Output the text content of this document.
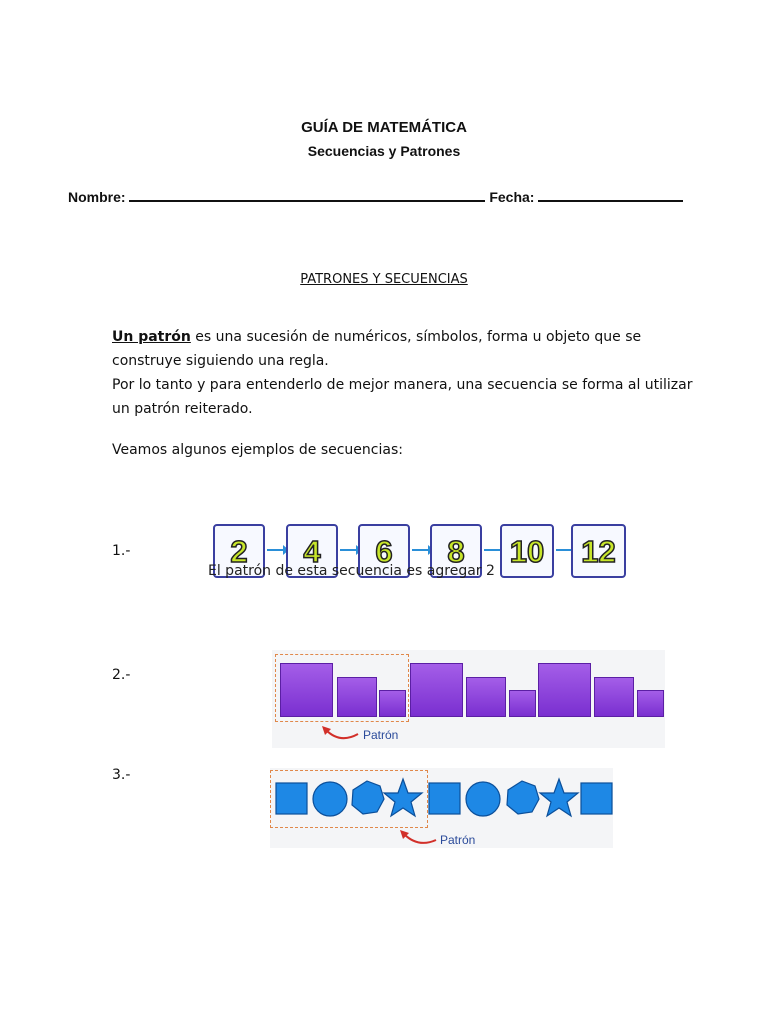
GUÍA DE MATEMÁTICA
Secuencias y Patrones
Nombre:	Fecha:
PATRONES Y SECUENCIAS
Un patrón es una sucesión de numéricos, símbolos, forma u objeto que se construye siguiendo una regla.
Por lo tanto y para entenderlo de mejor manera, una secuencia se forma al utilizar un patrón reiterado.
Veamos algunos ejemplos de secuencias:
1.-	2	4	6	8	10 12
El patrón de esta secuencia es agregar 2
2.-
Patrón
3.-
Patrón
